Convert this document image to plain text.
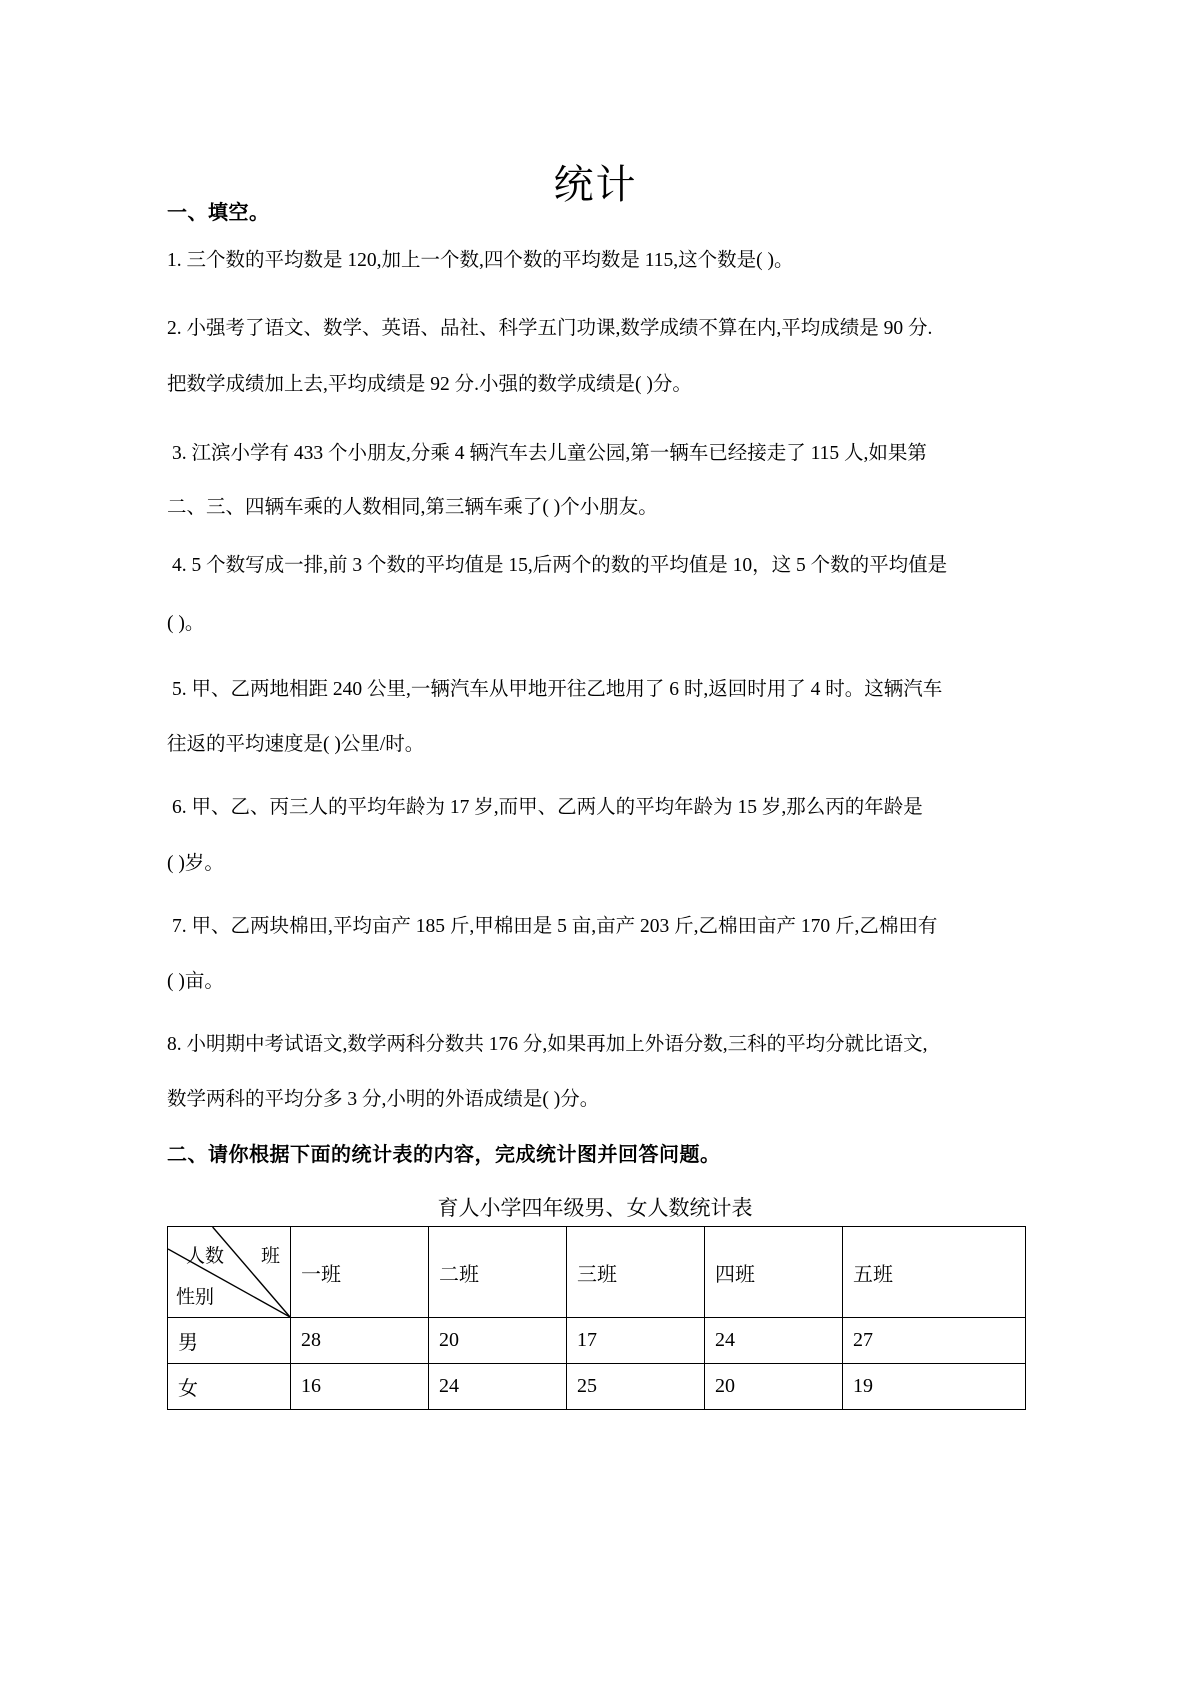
统计
一、填空。
1. 三个数的平均数是 120,加上一个数,四个数的平均数是 115,这个数是( )。
2. 小强考了语文、数学、英语、品社、科学五门功课,数学成绩不算在内,平均成绩是 90 分.
把数学成绩加上去,平均成绩是 92 分.小强的数学成绩是( )分。
3. 江滨小学有 433 个小朋友,分乘 4 辆汽车去儿童公园,第一辆车已经接走了 115 人,如果第
二、三、四辆车乘的人数相同,第三辆车乘了( )个小朋友。
4. 5 个数写成一排,前 3 个数的平均值是 15,后两个的数的平均值是 10，这 5 个数的平均值是
( )。
5. 甲、乙两地相距 240 公里,一辆汽车从甲地开往乙地用了 6 时,返回时用了 4 时。这辆汽车
往返的平均速度是( )公里/时。
6. 甲、乙、丙三人的平均年龄为 17 岁,而甲、乙两人的平均年龄为 15 岁,那么丙的年龄是
( )岁。
7. 甲、乙两块棉田,平均亩产 185 斤,甲棉田是 5 亩,亩产 203 斤,乙棉田亩产 170 斤,乙棉田有
( )亩。
8. 小明期中考试语文,数学两科分数共 176 分,如果再加上外语分数,三科的平均分就比语文,
数学两科的平均分多 3 分,小明的外语成绩是( )分。
二、请你根据下面的统计表的内容，完成统计图并回答问题。
育人小学四年级男、女人数统计表
人数 班
性别	一班	二班	三班	四班	五班
男	28	20	17	24	27
女	16	24	25	20	19
